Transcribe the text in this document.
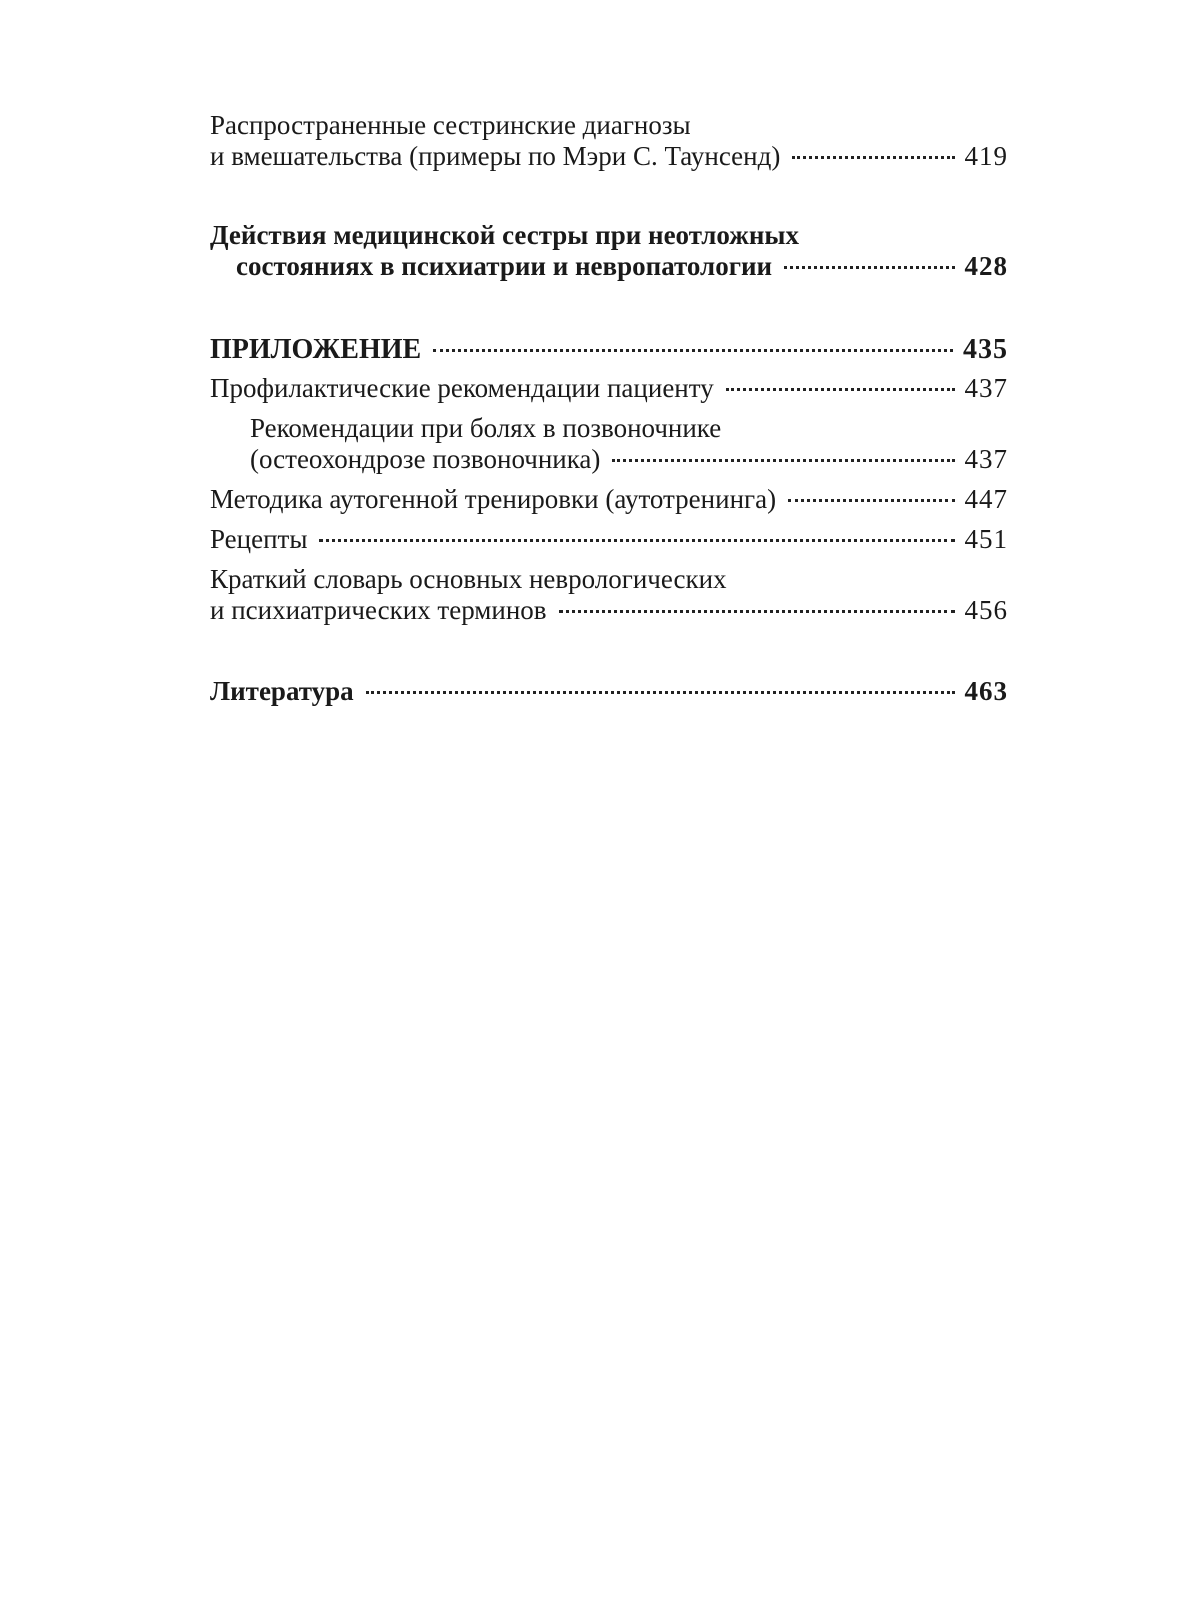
Распространенные сестринские диагнозы
и вмешательства (примеры по Мэри С. Таунсенд)	419
Действия медицинской сестры при неотложных
состояниях в психиатрии и невропатологии	428
ПРИЛОЖЕНИЕ	435
Профилактические рекомендации пациенту	437
Рекомендации при болях в позвоночнике
(остеохондрозе позвоночника)	437
Методика аутогенной тренировки (аутотренинга)	447
Рецепты	451
Краткий словарь основных неврологических
и психиатрических терминов	456
Литература	463
